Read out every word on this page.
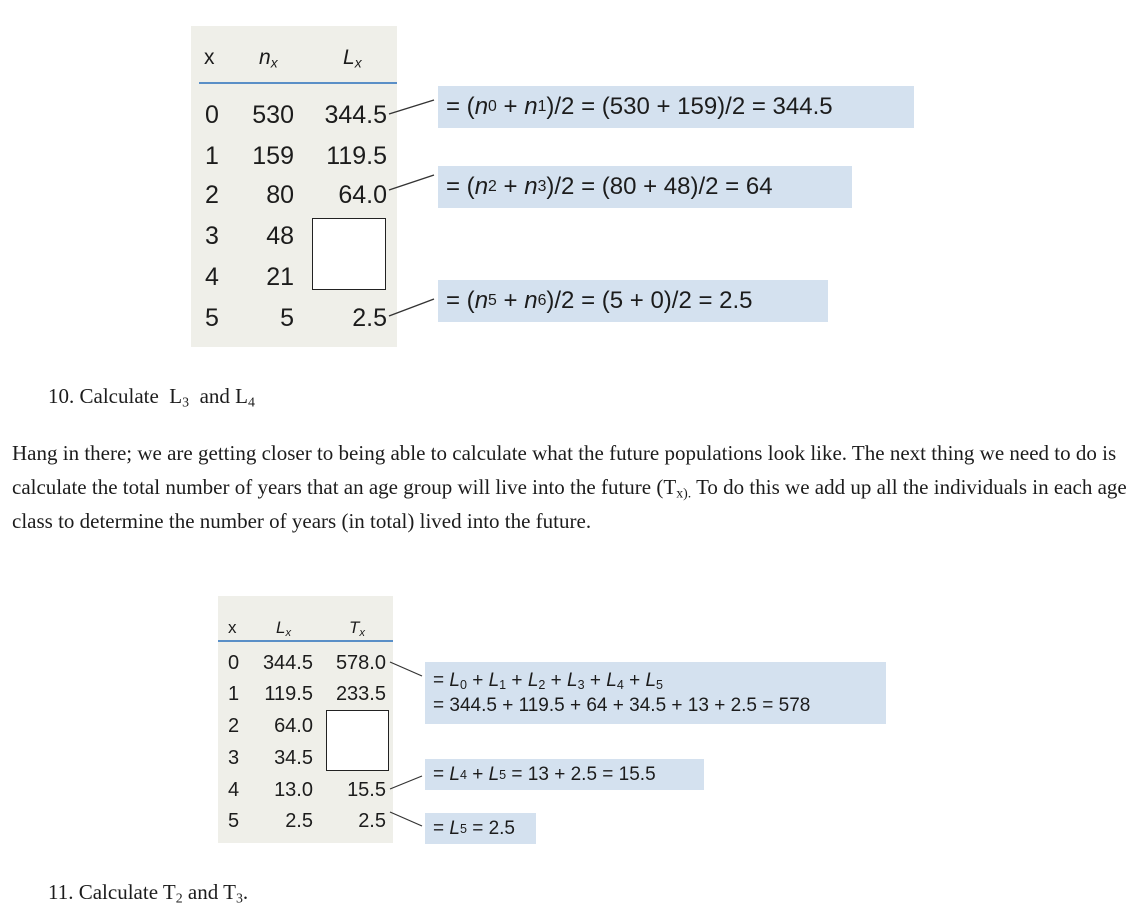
x $n_x$	$L_x$
0 530 344.5
1 159 119.5
2 80 64.0
3 48
4 21
5 5 2.5
= ( n 0 + n 1 )/2 = (530 + 159)/2 = 344.5
= ( n 2 + n 3 )/2 = (80 + 48)/2 = 64
= ( n 5 + n 6 )/2 = (5 + 0)/2 = 2.5
10. Calculate  $L_3$  and $L_4$

Hang in there; we are getting closer to being able to calculate what the future populations look like. The next thing we need to do is calculate the total number of years that an age group will live into the future ($T_{x).}$ To do this we add up all the individuals in each age class to determine the number of years (in total) lived into the future.

x $L_x$	$T_x$
0 344.5 578.0
1 119.5 233.5
2 64.0
3 34.5
4 13.0 15.5
5 2.5 2.5
= $L_0 + L_1 + L_2 + L_3 + L_4 + L_5$
= 344.5 + 119.5 + 64 + 34.5 + 13 + 2.5 = 578
= L 4 + L 5 = 13 + 2.5 = 15.5
= L 5 = 2.5
11. Calculate $T_2$ and $T_3$.
